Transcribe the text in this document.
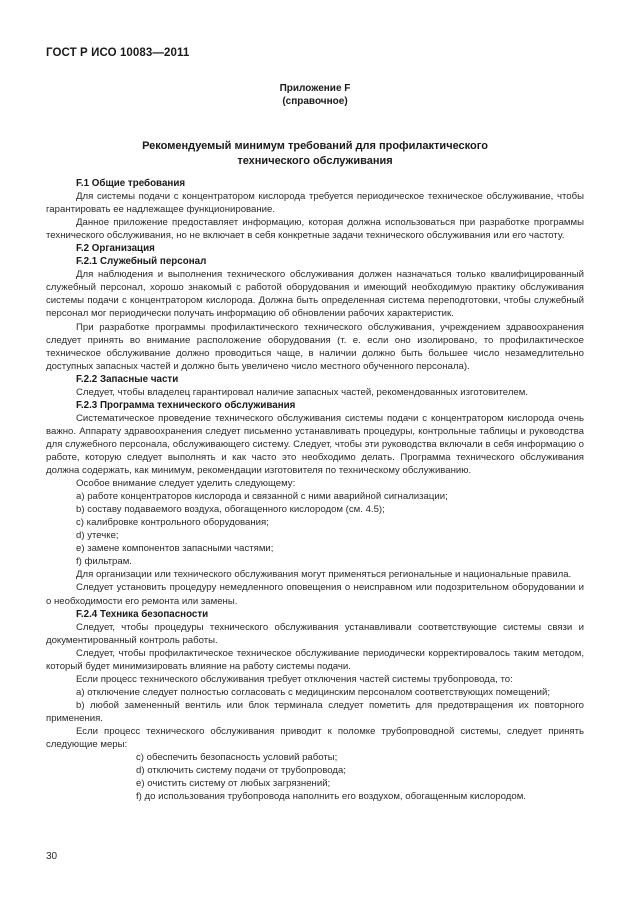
ГОСТ Р ИСО 10083—2011
Приложение F
(справочное)
Рекомендуемый минимум требований для профилактического
технического обслуживания
F.1 Общие требования

Для системы подачи с концентратором кислорода требуется периодическое техническое обслуживание, чтобы гарантировать ее надлежащее функционирование.

Данное приложение предоставляет информацию, которая должна использоваться при разработке программы технического обслуживания, но не включает в себя конкретные задачи технического обслуживания или его частоту.

F.2 Организация
F.2.1 Служебный персонал

Для наблюдения и выполнения технического обслуживания должен назначаться только квалифицированный служебный персонал, хорошо знакомый с работой оборудования и имеющий необходимую практику обслуживания системы подачи с концентратором кислорода. Должна быть определенная система переподготовки, чтобы служебный персонал мог периодически получать информацию об обновлении рабочих характеристик.

При разработке программы профилактического технического обслуживания, учреждением здравоохранения следует принять во внимание расположение оборудования (т. е. если оно изолировано, то профилактическое техническое обслуживание должно проводиться чаще, в наличии должно быть большее число незамедлительно доступных запасных частей и должно быть увеличено число местного обученного персонала).

F.2.2 Запасные части

Следует, чтобы владелец гарантировал наличие запасных частей, рекомендованных изготовителем.

F.2.3 Программа технического обслуживания

Систематическое проведение технического обслуживания системы подачи с концентратором кислорода очень важно. Аппарату здравоохранения следует письменно устанавливать процедуры, контрольные таблицы и руководства для служебного персонала, обслуживающего систему. Следует, чтобы эти руководства включали в себя информацию о работе, которую следует выполнять и как часто это необходимо делать. Программа технического обслуживания должна содержать, как минимум, рекомендации изготовителя по техническому обслуживанию.

Особое внимание следует уделить следующему:

a) работе концентраторов кислорода и связанной с ними аварийной сигнализации;

b) составу подаваемого воздуха, обогащенного кислородом (см. 4.5);

c) калибровке контрольного оборудования;

d) утечке;

e) замене компонентов запасными частями;

f) фильтрам.

Для организации или технического обслуживания могут применяться региональные и национальные правила.

Следует установить процедуру немедленного оповещения о неисправном или подозрительном оборудовании и о необходимости его ремонта или замены.

F.2.4 Техника безопасности

Следует, чтобы процедуры технического обслуживания устанавливали соответствующие системы связи и документированный контроль работы.

Следует, чтобы профилактическое техническое обслуживание периодически корректировалось таким методом, который будет минимизировать влияние на работу системы подачи.

Если процесс технического обслуживания требует отключения частей системы трубопровода, то:

a) отключение следует полностью согласовать с медицинским персоналом соответствующих помещений;

b) любой замененный вентиль или блок терминала следует пометить для предотвращения их повторного применения.

Если процесс технического обслуживания приводит к поломке трубопроводной системы, следует принять следующие меры:

c) обеспечить безопасность условий работы;

d) отключить систему подачи от трубопровода;

e) очистить систему от любых загрязнений;

f) до использования трубопровода наполнить его воздухом, обогащенным кислородом.

30
